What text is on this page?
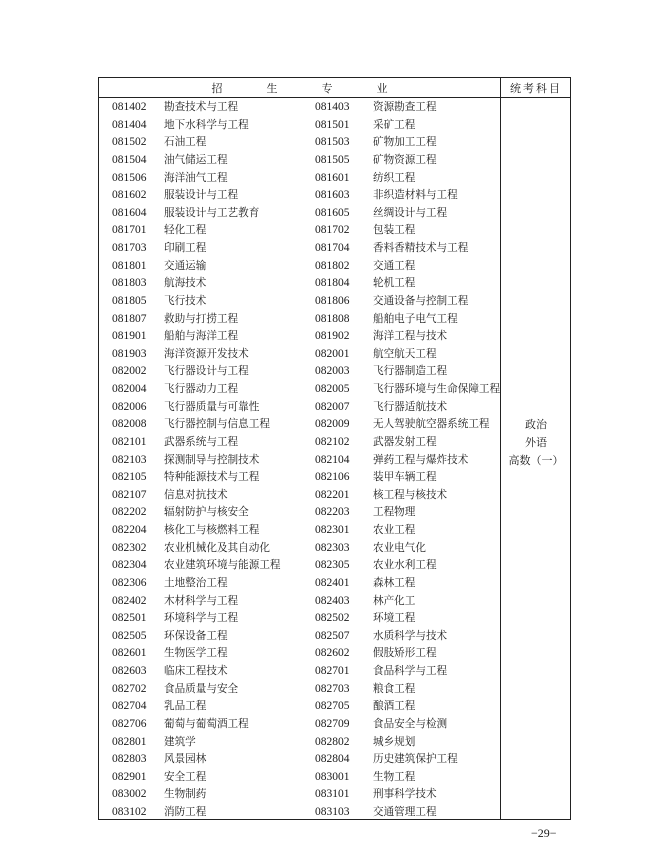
招	生	专	业	统考科目
081402 勘查技术与工程	081403 资源勘查工程
081404 地下水科学与工程	081501 采矿工程
081502 石油工程	081503 矿物加工工程
081504 油气储运工程	081505 矿物资源工程
081506 海洋油气工程	081601 纺织工程
081602 服装设计与工程	081603 非织造材料与工程
081604 服装设计与工艺教育	081605 丝绸设计与工程
081701 轻化工程	081702 包装工程
081703 印刷工程	081704 香料香精技术与工程
081801 交通运输	081802 交通工程
081803 航海技术	081804 轮机工程
081805 飞行技术	081806 交通设备与控制工程
081807 救助与打捞工程	081808 船舶电子电气工程
081901 船舶与海洋工程	081902 海洋工程与技术
081903 海洋资源开发技术	082001 航空航天工程
082002 飞行器设计与工程	082003 飞行器制造工程
082004 飞行器动力工程	082005 飞行器环境与生命保障工程
082006 飞行器质量与可靠性	082007 飞行器适航技术
082008 飞行器控制与信息工程	082009 无人驾驶航空器系统工程
082101 武器系统与工程	082102 武器发射工程
082103 探测制导与控制技术	082104 弹药工程与爆炸技术
082105 特种能源技术与工程	082106 装甲车辆工程
082107 信息对抗技术	082201 核工程与核技术
082202 辐射防护与核安全	082203 工程物理
082204 核化工与核燃料工程	082301 农业工程
082302 农业机械化及其自动化	082303 农业电气化
082304 农业建筑环境与能源工程	082305 农业水利工程
082306 土地整治工程	082401 森林工程
082402 木材科学与工程	082403 林产化工
082501 环境科学与工程	082502 环境工程
082505 环保设备工程	082507 水质科学与技术
082601 生物医学工程	082602 假肢矫形工程
082603 临床工程技术	082701 食品科学与工程
082702 食品质量与安全	082703 粮食工程
082704 乳品工程	082705 酿酒工程
082706 葡萄与葡萄酒工程	082709 食品安全与检测
082801 建筑学	082802 城乡规划
082803 风景园林	082804 历史建筑保护工程
082901 安全工程	083001 生物工程
083002 生物制药	083101 刑事科学技术
083102 消防工程	083103 交通管理工程
政治
外语
高数（一）
−29−
